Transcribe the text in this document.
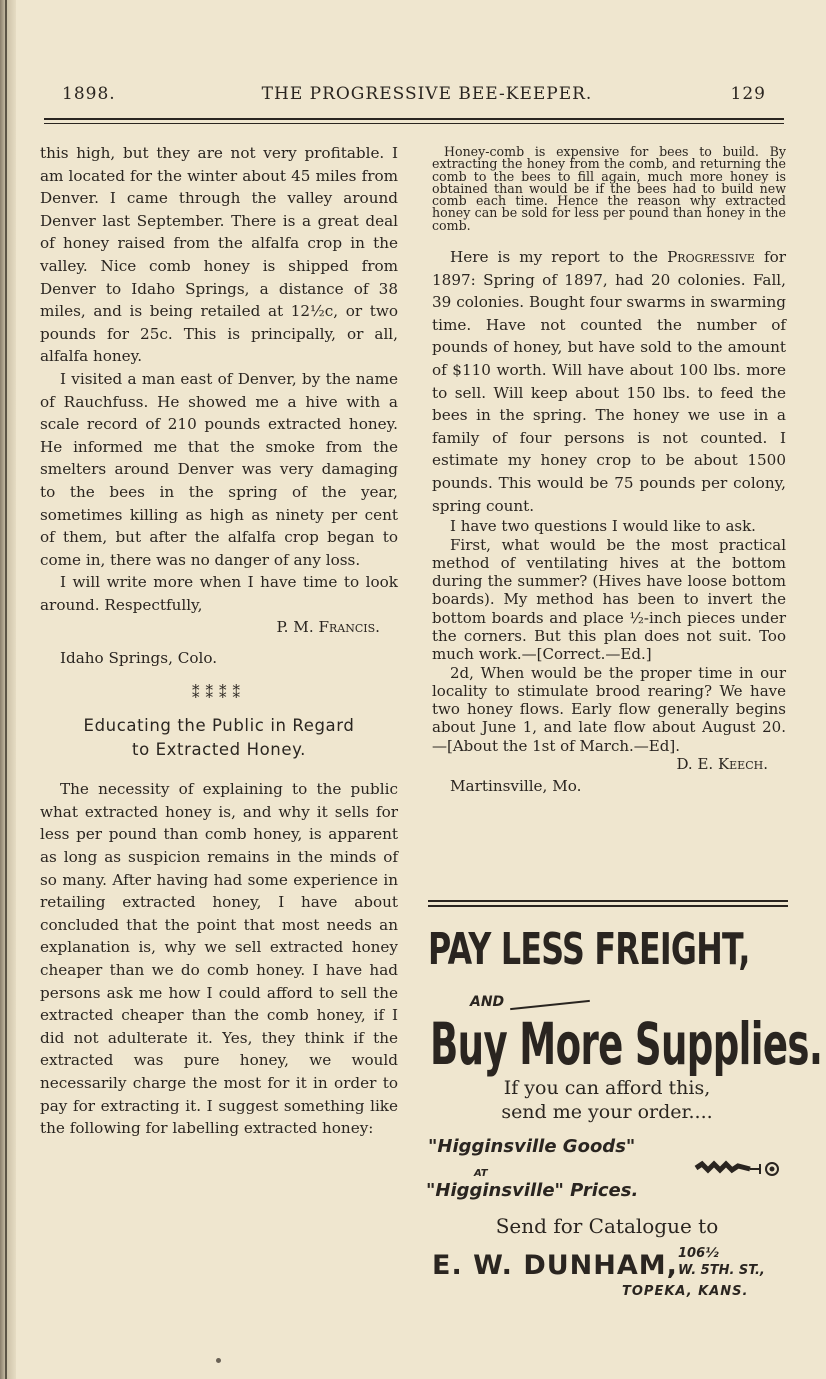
1898.	THE PROGRESSIVE BEE-KEEPER.	129

this high, but they are not very profitable. I am located for the winter about 45 miles from Denver. I came through the valley around Denver last September. There is a great deal of honey raised from the alfalfa crop in the valley. Nice comb honey is shipped from Denver to Idaho Springs, a distance of 38 miles, and is being retailed at 12½c, or two pounds for 25c. This is principally, or all, alfalfa honey.

I visited a man east of Denver, by the name of Rauchfuss. He showed me a hive with a scale record of 210 pounds extracted honey. He informed me that the smoke from the smelters around Denver was very damaging to the bees in the spring of the year, sometimes killing as high as ninety per cent of them, but after the alfalfa crop began to come in, there was no danger of any loss.

I will write more when I have time to look around. Respectfully,

P. M. Francis.

Idaho Springs, Colo.

⁑⁑⁑⁑
Educating the Public in Regard
to Extracted Honey.

The necessity of explaining to the public what extracted honey is, and why it sells for less per pound than comb honey, is apparent as long as suspicion remains in the minds of so many. After having had some experience in retailing extracted honey, I have about concluded that the point that most needs an explanation is, why we sell extracted honey cheaper than we do comb honey. I have had persons ask me how I could afford to sell the extracted cheaper than the comb honey, if I did not adulterate it. Yes, they think if the extracted was pure honey, we would necessarily charge the most for it in order to pay for extracting it. I suggest something like the following for labelling extracted honey:

Honey-comb is expensive for bees to build. By extracting the honey from the comb, and returning the comb to the bees to fill again, much more honey is obtained than would be if the bees had to build new comb each time. Hence the reason why extracted honey can be sold for less per pound than honey in the comb.

Here is my report to the Progressive for 1897: Spring of 1897, had 20 colonies. Fall, 39 colonies. Bought four swarms in swarming time. Have not counted the number of pounds of honey, but have sold to the amount of $110 worth. Will have about 100 lbs. more to sell. Will keep about 150 lbs. to feed the bees in the spring. The honey we use in a family of four persons is not counted. I estimate my honey crop to be about 1500 pounds. This would be 75 pounds per colony, spring count.

I have two questions I would like to ask.

First, what would be the most practical method of ventilating hives at the bottom during the summer? (Hives have loose bottom boards). My method has been to invert the bottom boards and place ½-inch pieces under the corners. But this plan does not suit. Too much work.—[Correct.—Ed.]

2d, When would be the proper time in our locality to stimulate brood rearing? We have two honey flows. Early flow generally begins about June 1, and late flow about August 20.—[About the 1st of March.—Ed].
D. E. Keech.

Martinsville, Mo.

PAY LESS FREIGHT,
AND
Buy More Supplies.
If you can afford this,
send me your order....
"Higginsville Goods"
AT
"Higginsville" Prices.
Send for Catalogue to
E. W. DUNHAM, 106½
W. 5TH. ST.,
TOPEKA, KANS.
